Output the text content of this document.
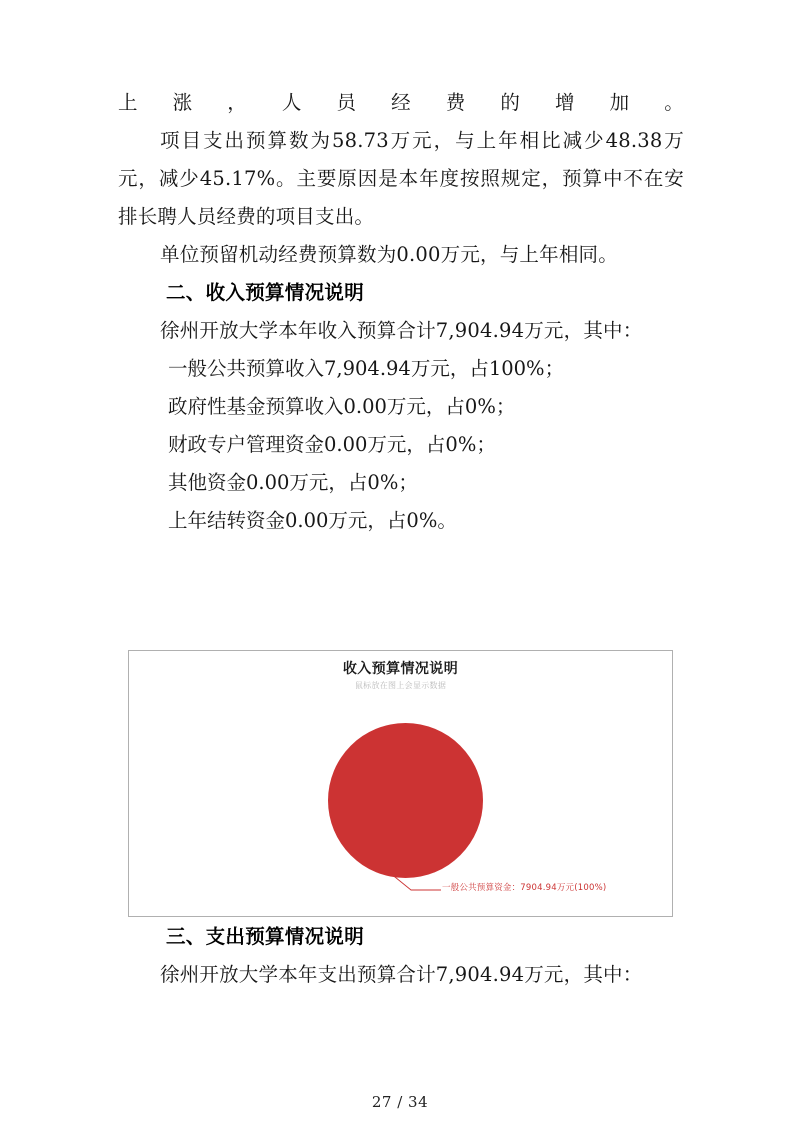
上涨，人员经费的增加。

项目支出预算数为58.73万元，与上年相比减少48.38万元，减少45.17%。主要原因是本年度按照规定，预算中不在安排长聘人员经费的项目支出。

单位预留机动经费预算数为0.00万元，与上年相同。

二、收入预算情况说明

徐州开放大学本年收入预算合计7,904.94万元，其中：

一般公共预算收入7,904.94万元，占100%；

政府性基金预算收入0.00万元，占0%；

财政专户管理资金0.00万元，占0%；

其他资金0.00万元，占0%；

上年结转资金0.00万元，占0%。

收入预算情况说明
鼠标放在图上会显示数据
一般公共预算资金：7904.94万元(100%)
三、支出预算情况说明

徐州开放大学本年支出预算合计7,904.94万元，其中：

27 / 34
